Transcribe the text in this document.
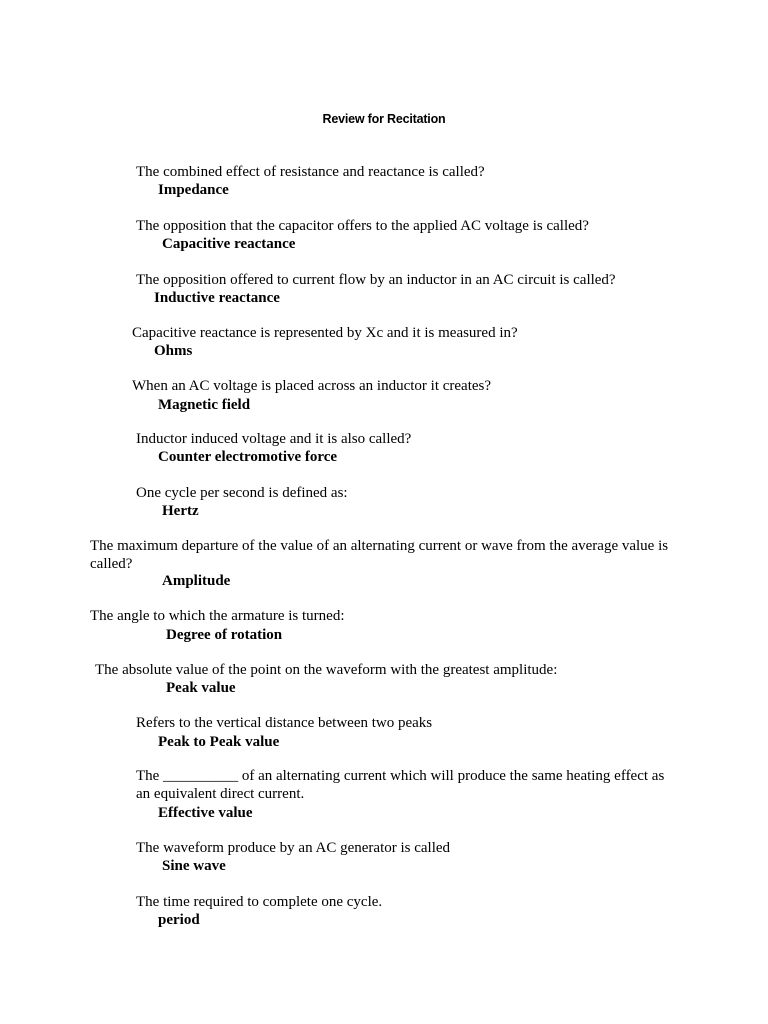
Review for Recitation
The combined effect of resistance and reactance is called?
Impedance
The opposition that the capacitor offers to the applied AC voltage is called?
Capacitive reactance
The opposition offered to current flow by an inductor in an AC circuit is called?
Inductive reactance
Capacitive reactance is represented by Xc and it is measured in?
Ohms
When an AC voltage is placed across an inductor it creates?
Magnetic field
Inductor induced voltage and it is also called?
Counter electromotive force
One cycle per second is defined as:
Hertz
The maximum departure of the value of an alternating current or wave from the average value is called?
Amplitude
The angle to which the armature is turned:
Degree of rotation
The absolute value of the point on the waveform with the greatest amplitude:
Peak value
Refers to the vertical distance between two peaks
Peak to Peak value
The __________ of an alternating current which will produce the same heating effect as an equivalent direct current.
Effective value
The waveform produce by an AC generator is called
Sine wave
The time required to complete one cycle.
period
